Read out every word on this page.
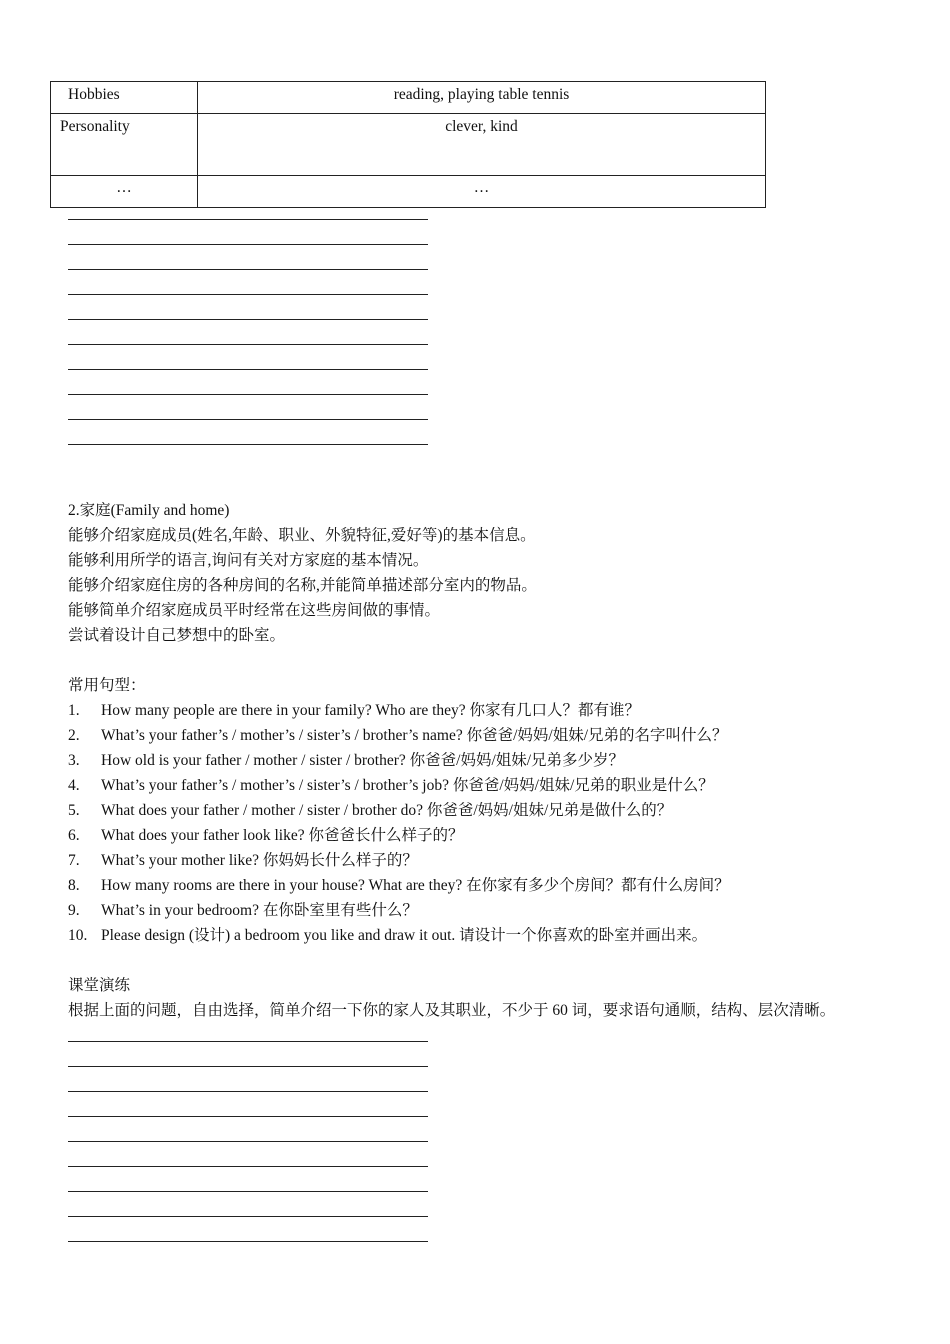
Hobbies	reading, playing table tennis
Personality	clever, kind
…	…

2.家庭(Family and home)

能够介绍家庭成员(姓名,年龄、职业、外貌特征,爱好等)的基本信息。

能够利用所学的语言,询问有关对方家庭的基本情况。

能够介绍家庭住房的各种房间的名称,并能简单描述部分室内的物品。

能够简单介绍家庭成员平时经常在这些房间做的事情。

尝试着设计自己梦想中的卧室。

常用句型：

1.	How many people are there in your family? Who are they? 你家有几口人？都有谁？
2.	What’s your father’s / mother’s / sister’s / brother’s name? 你爸爸/妈妈/姐妹/兄弟的名字叫什么？
3.	How old is your father / mother / sister / brother? 你爸爸/妈妈/姐妹/兄弟多少岁？
4.	What’s your father’s / mother’s / sister’s / brother’s job? 你爸爸/妈妈/姐妹/兄弟的职业是什么？
5.	What does your father / mother / sister / brother do? 你爸爸/妈妈/姐妹/兄弟是做什么的？
6.	What does your father look like? 你爸爸长什么样子的？
7.	What’s your mother like? 你妈妈长什么样子的？
8.	How many rooms are there in your house? What are they? 在你家有多少个房间？都有什么房间？
9.	What’s in your bedroom? 在你卧室里有些什么？
10. Please design (设计) a bedroom you like and draw it out. 请设计一个你喜欢的卧室并画出来。

课堂演练

根据上面的问题，自由选择，简单介绍一下你的家人及其职业，不少于 60 词，要求语句通顺，结构、层次清晰。
